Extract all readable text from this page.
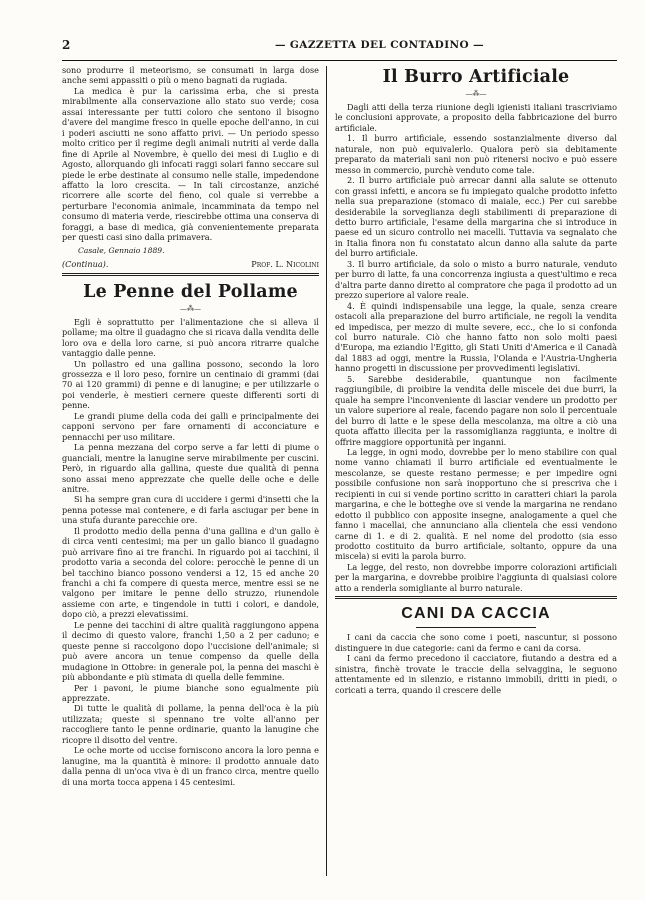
2	— GAZZETTA DEL CONTADINO —

sono produrre il meteorismo, se consumati in larga dose anche semi appassiti o più o meno bagnati da rugiada.

La medica è pur la carissima erba, che si presta mirabilmente alla conservazione allo stato suo verde; cosa assai interessante per tutti coloro che sentono il bisogno d'avere del mangime fresco in quelle epoche dell'anno, in cui i poderi asciutti ne sono affatto privi. — Un periodo spesso molto critico per il regime degli animali nutriti al verde dalla fine di Aprile al Novembre, è quello dei mesi di Luglio e di Agosto, allorquando gli infocati raggi solari fanno seccare sul piede le erbe destinate al consumo nelle stalle, impedendone affatto la loro crescita. — In tali circostanze, anziché ricorrere alle scorte del fieno, col quale si verrebbe a perturbare l'economia animale, incamminata da tempo nel consumo di materia verde, riescirebbe ottima una conserva di foraggi, a base di medica, già convenientemente preparata per questi casi sino dalla primavera.

Casale, Gennaio 1889.
(Continua).	Prof. L. Nicolini
Le Penne del Pollame
—⁂—

Egli è soprattutto per l'alimentazione che si alleva il pollame; ma oltre il guadagno che si ricava dalla vendita delle loro ova e della loro carne, si può ancora ritrarre qualche vantaggio dalle penne.

Un pollastro ed una gallina possono, secondo la loro grossezza e il loro peso, fornire un centinaio di grammi (dai 70 ai 120 grammi) di penne e di lanugine; e per utilizzarle o poi venderle, è mestieri cernere queste differenti sorti di penne.

Le grandi piume della coda dei galli e principalmente dei capponi servono per fare ornamenti di acconciature e pennacchi per uso militare.

La penna mezzana del corpo serve a far letti di piume o guanciali, mentre la lanugine serve mirabilmente per cuscini. Però, in riguardo alla gallina, queste due qualità di penna sono assai meno apprezzate che quelle delle oche e delle anitre.

Si ha sempre gran cura di uccidere i germi d'insetti che la penna potesse mai contenere, e di farla asciugar per bene in una stufa durante parecchie ore.

Il prodotto medio della penna d'una gallina e d'un gallo è di circa venti centesimi; ma per un gallo bianco il guadagno può arrivare fino ai tre franchi. In riguardo poi ai tacchini, il prodotto varia a seconda del colore: perocchè le penne di un bel tacchino bianco possono vendersi a 12, 15 ed anche 20 franchi a chi fa compere di questa merce, mentre essi se ne valgono per imitare le penne dello struzzo, riunendole assieme con arte, e tingendole in tutti i colori, e dandole, dopo ciò, a prezzi elevatissimi.

Le penne dei tacchini di altre qualità raggiungono appena il decimo di questo valore, franchi 1,50 a 2 per caduno; e queste penne si raccolgono dopo l'uccisione dell'animale; si può avere ancora un tenue compenso da quelle della mudagione in Ottobre: in generale poi, la penna dei maschi è più abbondante e più stimata di quella delle femmine.

Per i pavoni, le piume bianche sono egualmente più apprezzate.

Di tutte le qualità di pollame, la penna dell'oca è la più utilizzata; queste si spennano tre volte all'anno per raccogliere tanto le penne ordinarie, quanto la lanugine che ricopre il disotto del ventre.

Le oche morte od uccise forniscono ancora la loro penna e lanugine, ma la quantità è minore: il prodotto annuale dato dalla penna di un'oca viva è di un franco circa, mentre quello di una morta tocca appena i 45 centesimi.

Il Burro Artificiale
—⁂—

Dagli atti della terza riunione degli igienisti italiani trascriviamo le conclusioni approvate, a proposito della fabbricazione del burro artificiale.

1. Il burro artificiale, essendo sostanzialmente diverso dal naturale, non può equivalerlo. Qualora però sia debitamente preparato da materiali sani non può ritenersi nocivo e può essere messo in commercio, purchè venduto come tale.

2. Il burro artificiale può arrecar danni alla salute se ottenuto con grassi infetti, e ancora se fu impiegato qualche prodotto infetto nella sua preparazione (stomaco di maiale, ecc.) Per cui sarebbe desiderabile la sorveglianza degli stabilimenti di preparazione di detto burro artificiale, l'esame della margarina che si introduce in paese ed un sicuro controllo nei macelli. Tuttavia va segnalato che in Italia finora non fu constatato alcun danno alla salute da parte del burro artificiale.

3. Il burro artificiale, da solo o misto a burro naturale, venduto per burro di latte, fa una concorrenza ingiusta a quest'ultimo e reca d'altra parte danno diretto al compratore che paga il prodotto ad un prezzo superiore al valore reale.

4. È quindi indispensabile una legge, la quale, senza creare ostacoli alla preparazione del burro artificiale, ne regoli la vendita ed impedisca, per mezzo di multe severe, ecc., che lo si confonda col burro naturale. Ciò che hanno fatto non solo molti paesi d'Europa, ma eziandio l'Egitto, gli Stati Uniti d'America e il Canadà dal 1883 ad oggi, mentre la Russia, l'Olanda e l'Austria-Ungheria hanno progetti in discussione per provvedimenti legislativi.

5. Sarebbe desiderabile, quantunque non facilmente raggiungibile, di proibire la vendita delle miscele dei due burri, la quale ha sempre l'inconveniente di lasciar vendere un prodotto per un valore superiore al reale, facendo pagare non solo il percentuale del burro di latte e le spese della mescolanza, ma oltre a ciò una quota affatto illecita per la rassomiglianza raggiunta, e inoltre di offrire maggiore opportunità per inganni.

La legge, in ogni modo, dovrebbe per lo meno stabilire con qual nome vanno chiamati il burro artificiale ed eventualmente le mescolanze, se queste restano permesse; e per impedire ogni possibile confusione non sarà inopportuno che si prescriva che i recipienti in cui si vende portino scritto in caratteri chiari la parola margarina, e che le botteghe ove si vende la margarina ne rendano edotto il pubblico con apposite insegne, analogamente a quel che fanno i macellai, che annunciano alla clientela che essi vendono carne di 1. e di 2. qualità. E nel nome del prodotto (sia esso prodotto costituito da burro artificiale, soltanto, oppure da una miscela) si eviti la parola burro.

La legge, del resto, non dovrebbe imporre colorazioni artificiali per la margarina, e dovrebbe proibire l'aggiunta di qualsiasi colore atto a renderla somigliante al burro naturale.

CANI DA CACCIA

I cani da caccia che sono come i poeti, nascuntur, si possono distinguere in due categorie: cani da fermo e cani da corsa.

I cani da fermo precedono il cacciatore, fiutando a destra ed a sinistra, finchè trovate le traccie della selvaggina, le seguono attentamente ed in silenzio, e ristanno immobili, dritti in piedi, o coricati a terra, quando il crescere delle
